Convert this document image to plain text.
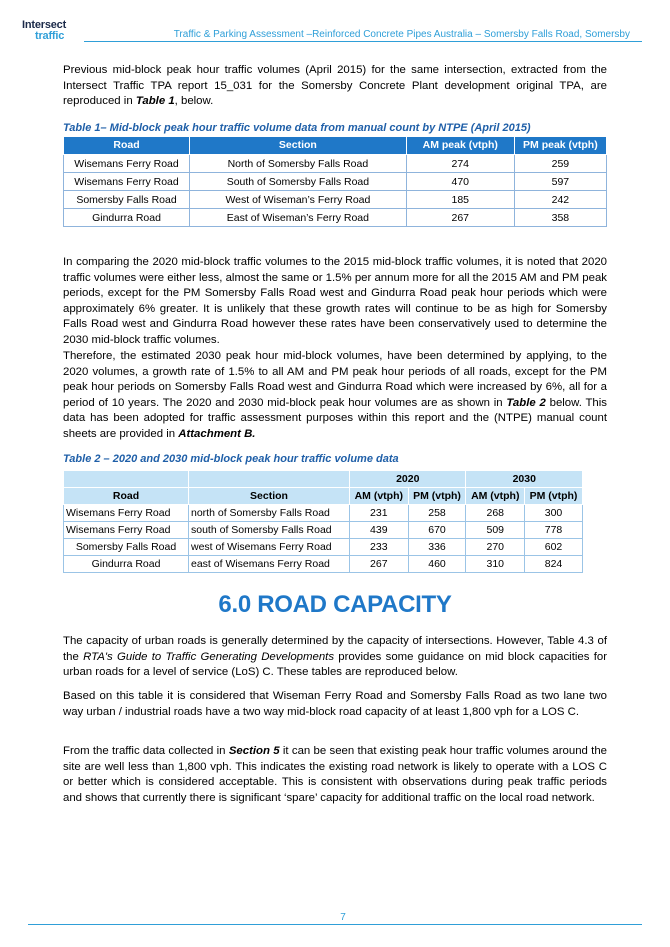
Intersect
traffic	Traffic & Parking Assessment –Reinforced Concrete Pipes Australia – Somersby Falls Road, Somersby

Previous mid-block peak hour traffic volumes (April 2015) for the same intersection, extracted from the Intersect Traffic TPA report 15_031 for the Somersby Concrete Plant development original TPA, are reproduced in Table 1, below.

Table 1– Mid-block peak hour traffic volume data from manual count by NTPE (April 2015)
Road	Section	AM peak (vtph)	PM peak (vtph)
Wisemans Ferry Road	North of Somersby Falls Road	274	259
Wisemans Ferry Road	South of Somersby Falls Road	470	597
Somersby Falls Road	West of Wiseman’s Ferry Road	185	242
Gindurra Road	East of Wiseman’s Ferry Road	267	358

In comparing the 2020 mid-block traffic volumes to the 2015 mid-block traffic volumes, it is noted that 2020 traffic volumes were either less, almost the same or 1.5% per annum more for all the 2015 AM and PM peak periods, except for the PM Somersby Falls Road west and Gindurra Road peak hour periods which were approximately 6% greater. It is unlikely that these growth rates will continue to be as high for Somersby Falls Road west and Gindurra Road however these rates have been conservatively used to determine the 2030 mid-block traffic volumes.

Therefore, the estimated 2030 peak hour mid-block volumes, have been determined by applying, to the 2020 volumes, a growth rate of 1.5% to all AM and PM peak hour periods of all roads, except for the PM peak hour periods on Somersby Falls Road west and Gindurra Road which were increased by 6%, all for a period of 10 years. The 2020 and 2030 mid-block peak hour volumes are as shown in Table 2 below. This data has been adopted for traffic assessment purposes within this report and the (NTPE) manual count sheets are provided in Attachment B.

Table 2 – 2020 and 2030 mid-block peak hour traffic volume data
		2020		2030	
Road	Section	AM (vtph)	PM (vtph)	AM (vtph)	PM (vtph)
Wisemans Ferry Road	north of Somersby Falls Road	231	258	268	300
Wisemans Ferry Road	south of Somersby Falls Road	439	670	509	778
Somersby Falls Road	west of Wisemans Ferry Road	233	336	270	602
Gindurra Road	east of Wisemans Ferry Road	267	460	310	824
6.0 ROAD CAPACITY

The capacity of urban roads is generally determined by the capacity of intersections. However, Table 4.3 of the RTA's Guide to Traffic Generating Developments provides some guidance on mid block capacities for urban roads for a level of service (LoS) C. These tables are reproduced below.

Based on this table it is considered that Wiseman Ferry Road and Somersby Falls Road as two lane two way urban / industrial roads have a two way mid-block road capacity of at least 1,800 vph for a LOS C.

From the traffic data collected in Section 5 it can be seen that existing peak hour traffic volumes around the site are well less than 1,800 vph. This indicates the existing road network is likely to operate with a LOS C or better which is considered acceptable. This is consistent with observations during peak traffic periods and shows that currently there is significant ‘spare’ capacity for additional traffic on the local road network.

7
